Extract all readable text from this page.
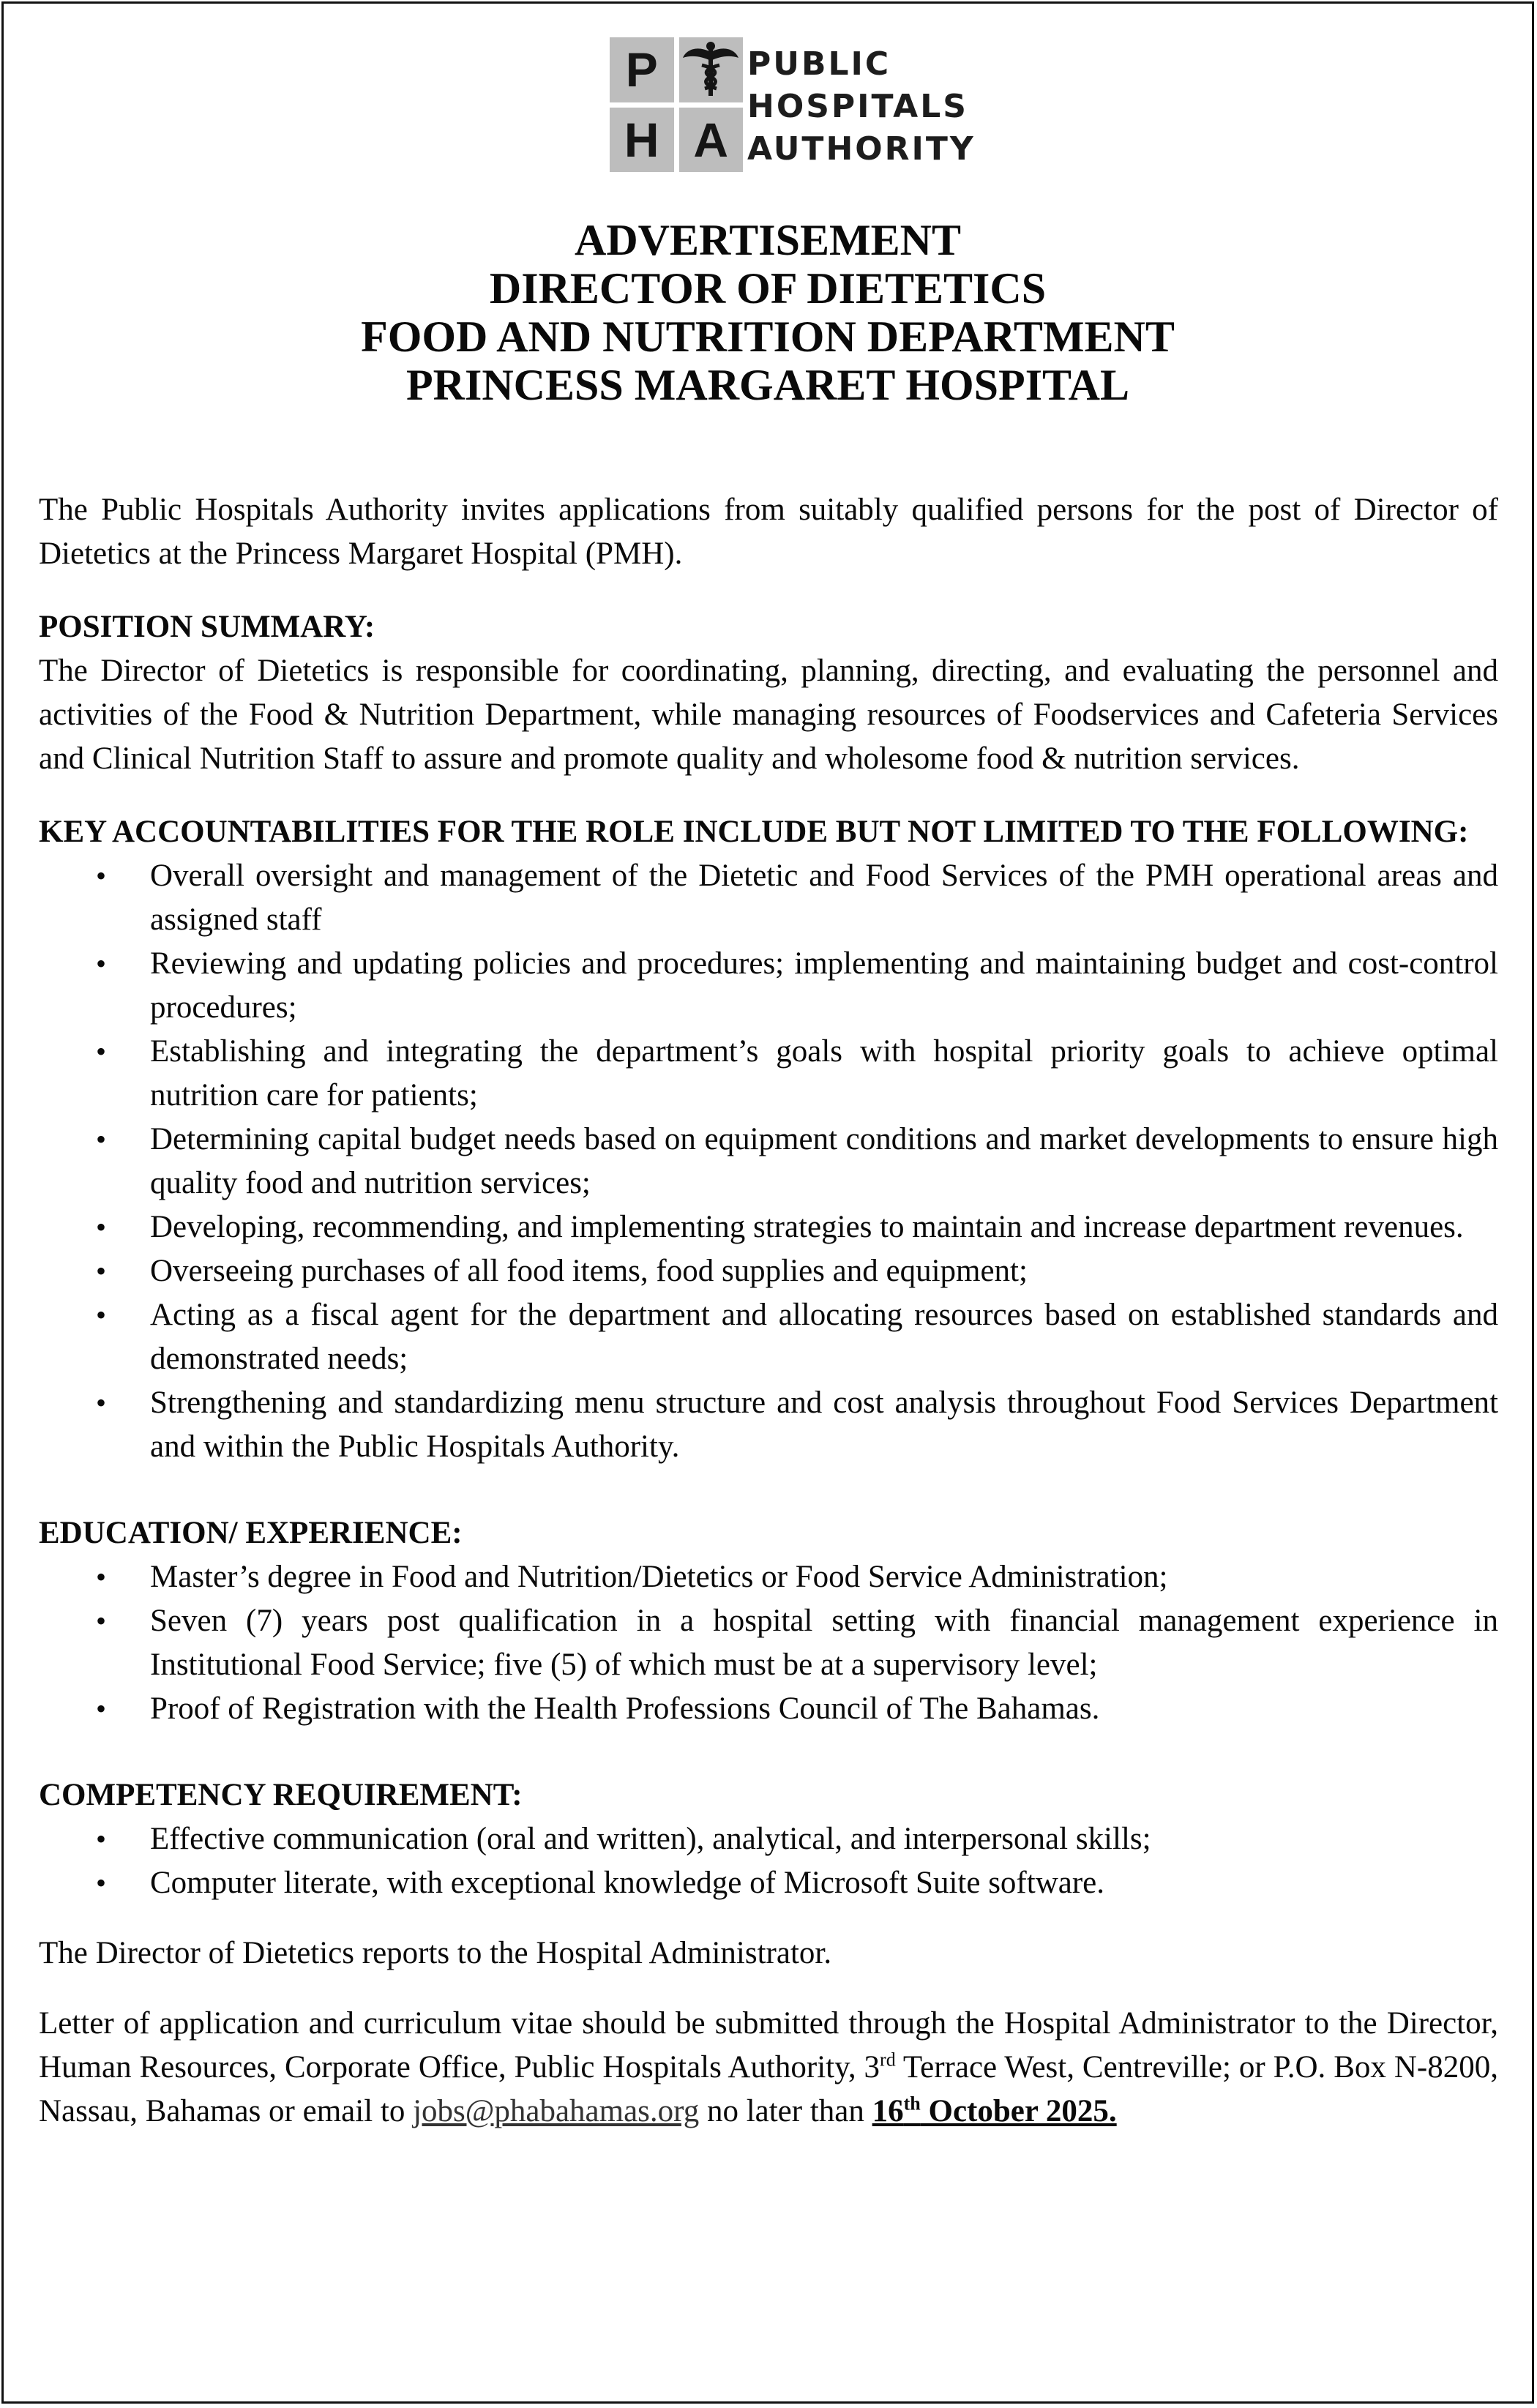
P
H A
PUBLIC
HOSPITALS
AUTHORITY
ADVERTISEMENT
DIRECTOR OF DIETETICS
FOOD AND NUTRITION DEPARTMENT
PRINCESS MARGARET HOSPITAL

The Public Hospitals Authority invites applications from suitably qualified persons for the post of Director of Dietetics at the Princess Margaret Hospital (PMH).

POSITION SUMMARY:

The Director of Dietetics is responsible for coordinating, planning, directing, and evaluating the personnel and activities of the Food & Nutrition Department, while managing resources of Foodservices and Cafeteria Services and Clinical Nutrition Staff to assure and promote quality and wholesome food & nutrition services.

KEY ACCOUNTABILITIES FOR THE ROLE INCLUDE BUT NOT LIMITED TO THE FOLLOWING:
• Overall oversight and management of the Dietetic and Food Services of the PMH operational areas and assigned staff
• Reviewing and updating policies and procedures; implementing and maintaining budget and cost-control procedures;
• Establishing and integrating the department’s goals with hospital priority goals to achieve optimal nutrition care for patients;
• Determining capital budget needs based on equipment conditions and market developments to ensure high quality food and nutrition services;
• Developing, recommending, and implementing strategies to maintain and increase department revenues.
• Overseeing purchases of all food items, food supplies and equipment;
• Acting as a fiscal agent for the department and allocating resources based on established standards and demonstrated needs;
• Strengthening and standardizing menu structure and cost analysis throughout Food Services Department and within the Public Hospitals Authority.
EDUCATION/ EXPERIENCE:
• Master’s degree in Food and Nutrition/Dietetics or Food Service Administration;
• Seven (7) years post qualification in a hospital setting with financial management experience in Institutional Food Service; five (5) of which must be at a supervisory level;
• Proof of Registration with the Health Professions Council of The Bahamas.
COMPETENCY REQUIREMENT:
• Effective communication (oral and written), analytical, and interpersonal skills;
• Computer literate, with exceptional knowledge of Microsoft Suite software.

The Director of Dietetics reports to the Hospital Administrator.

Letter of application and curriculum vitae should be submitted through the Hospital Administrator to the Director, Human Resources, Corporate Office, Public Hospitals Authority, 3rd Terrace West, Centreville; or P.O. Box N-8200, Nassau, Bahamas or email to jobs@phabahamas.org no later than 16th October 2025.
